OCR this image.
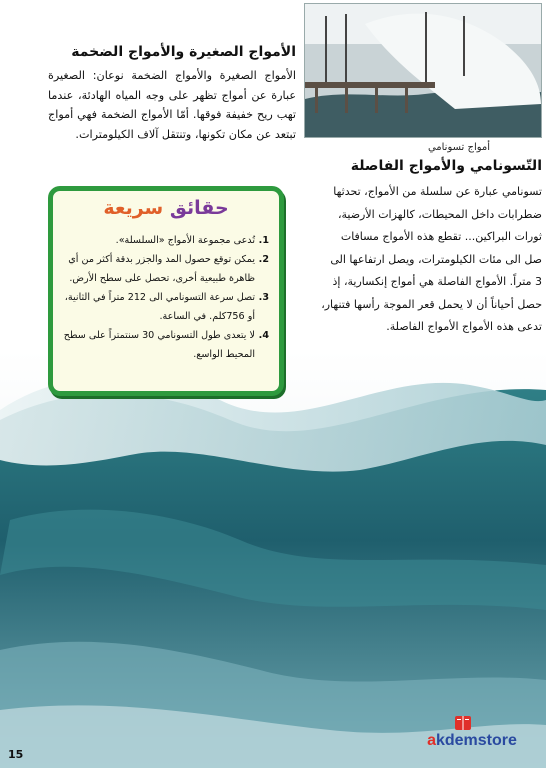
أمواج تسونامي
الأمواج الصغيرة والأمواج الضخمة
الأمواج الصغيرة والأمواج الضخمة نوعان: الصغيرة عبارة عن أمواج تظهر على وجه المياه الهادئة، عندما تهب ريح خفيفة فوقها. أمّا الأمواج الضخمة فهي أمواج تبتعد عن مكان تكونها، وتنتقل آلاف الكيلومترات.
التّسونامي والأمواج الفاصلة
تسونامي عبارة عن سلسلة من الأمواج، تحدثها
ضطرابات داخل المحيطات، كالهزات الأرضية،
ثورات البراكين... تقطع هذه الأمواج مسافات
صل الى مئات الكيلومترات، ويصل ارتفاعها الى
3 متراً. الأمواج الفاصلة هي أمواج إنكسارية، إذ
حصل أحياناً أن لا يحمل قعر الموجة رأسها فتنهار،
تدعى هذه الأمواج الأمواج الفاصلة.
حقائق سريعة
1.
تُدعى مجموعة الأمواج «السلسلة».
2.
يمكن توقع حصول المد والجزر بدقة أكثر من أي ظاهرة طبيعية أخرى، تحصل على سطح الأرض.
3.
تصل سرعة التسونامي الى 212 متراً في الثانية، أو 756كلم. في الساعة.
4.
لا يتعدى طول التسونامي 30 سنتمتراً على سطح المحيط الواسع.
akdemstore
15
